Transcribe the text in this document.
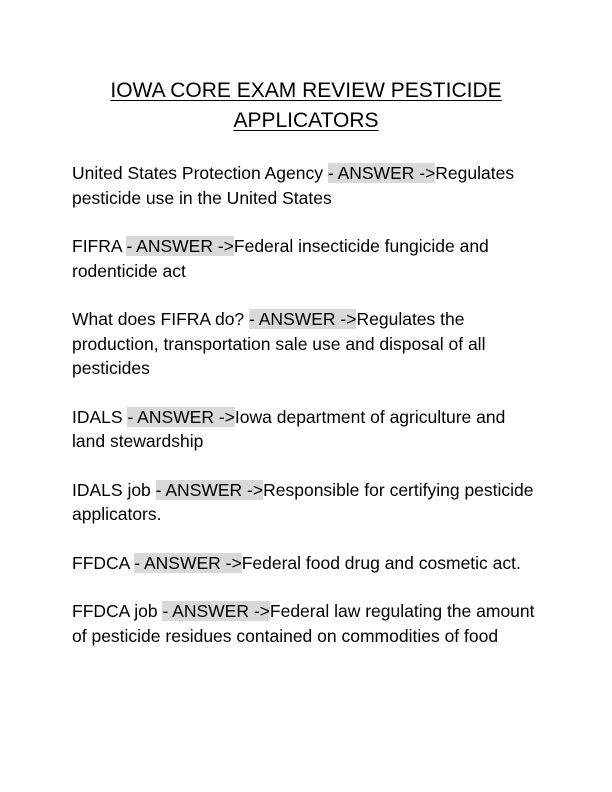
IOWA CORE EXAM REVIEW PESTICIDE APPLICATORS

United States Protection Agency - ANSWER ->Regulates pesticide use in the United States

FIFRA - ANSWER ->Federal insecticide fungicide and rodenticide act

What does FIFRA do? - ANSWER ->Regulates the production, transportation sale use and disposal of all pesticides

IDALS - ANSWER ->Iowa department of agriculture and land stewardship

IDALS job - ANSWER ->Responsible for certifying pesticide applicators.

FFDCA - ANSWER ->Federal food drug and cosmetic act.

FFDCA job - ANSWER ->Federal law regulating the amount of pesticide residues contained on commodities of food
